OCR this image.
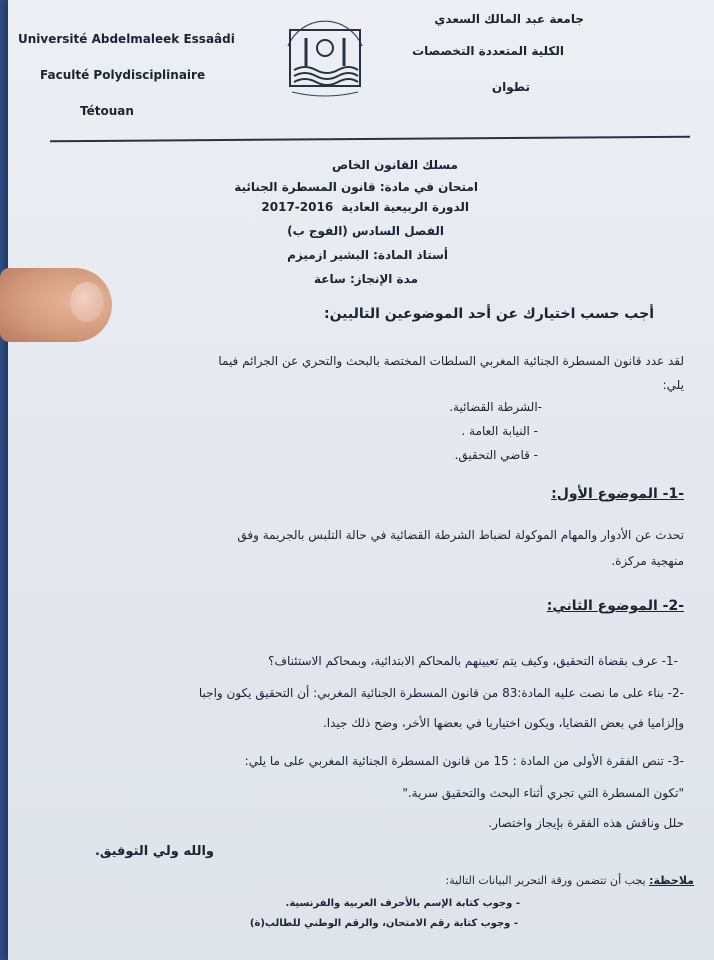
Université Abdelmaleek Essaâdi
Faculté Polydisciplinaire
Tétouan
جامعة عبد المالك السعدي
الكلية المتعددة التخصصات
تطوان
مسلك القانون الخاص
امتحان في مادة: قانون المسطرة الجنائية
الدورة الربيعية العادية 2017-2016
الفصل السادس (الفوج ب)
أستاذ المادة: البشير ازميزم
مدة الإنجاز: ساعة
أجب حسب اختيارك عن أحد الموضوعين التاليين:
لقد عدد قانون المسطرة الجنائية المغربي السلطات المختصة بالبحث والتحري عن الجرائم فيما
يلي:
-الشرطة القضائية.
- النيابة العامة .
- قاضي التحقيق.
-1- الموضوع الأول:
تحدث عن الأدوار والمهام الموكولة لضباط الشرطة القضائية في حالة التلبس بالجريمة وفق
منهجية مركزة.
-2- الموضوع الثاني:
-1- عرف بقضاة التحقيق، وكيف يتم تعيينهم بالمحاكم الابتدائية، وبمحاكم الاستئناف؟
-2- بناء على ما نصت عليه المادة:83 من قانون المسطرة الجنائية المغربي: أن التحقيق يكون واجبا
وإلزاميا في بعض القضايا، ويكون اختياريا في بعضها الأخر، وضح ذلك جيدا.
-3- تنص الفقرة الأولى من المادة : 15 من قانون المسطرة الجنائية المغربي على ما يلي:
"تكون المسطرة التي تجري أثناء البحث والتحقيق سرية."
حلل وناقش هذه الفقرة بإيجاز واختصار.
والله ولي التوفيق.
ملاحظة: يجب أن تتضمن ورقة التحرير البيانات التالية:
- وجوب كتابة الإسم بالأحرف العربية والفرنسية.
- وجوب كتابة رقم الامتحان، والرقم الوطني للطالب(ة)
